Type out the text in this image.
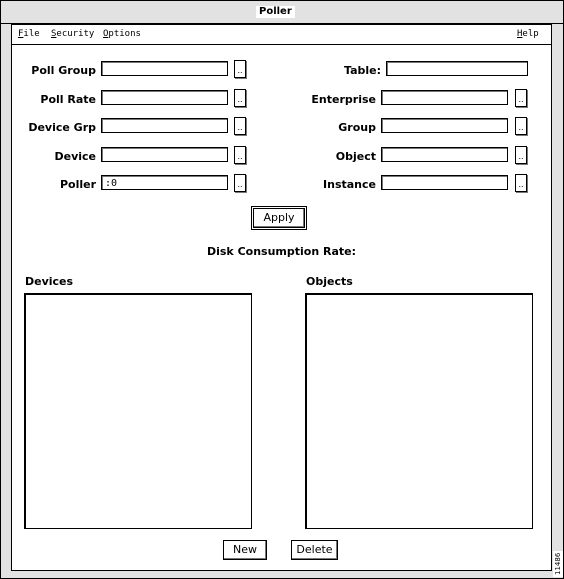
Poller
File Security Options	Help
Poll Group	..
Poll Rate	..
Device Grp	..
Device	..
Poller :0	..
Table:
Enterprise	..
Group	..
Object	..
Instance	..
Apply
Disk Consumption Rate:
Devices	Objects
New	Delete
11486
